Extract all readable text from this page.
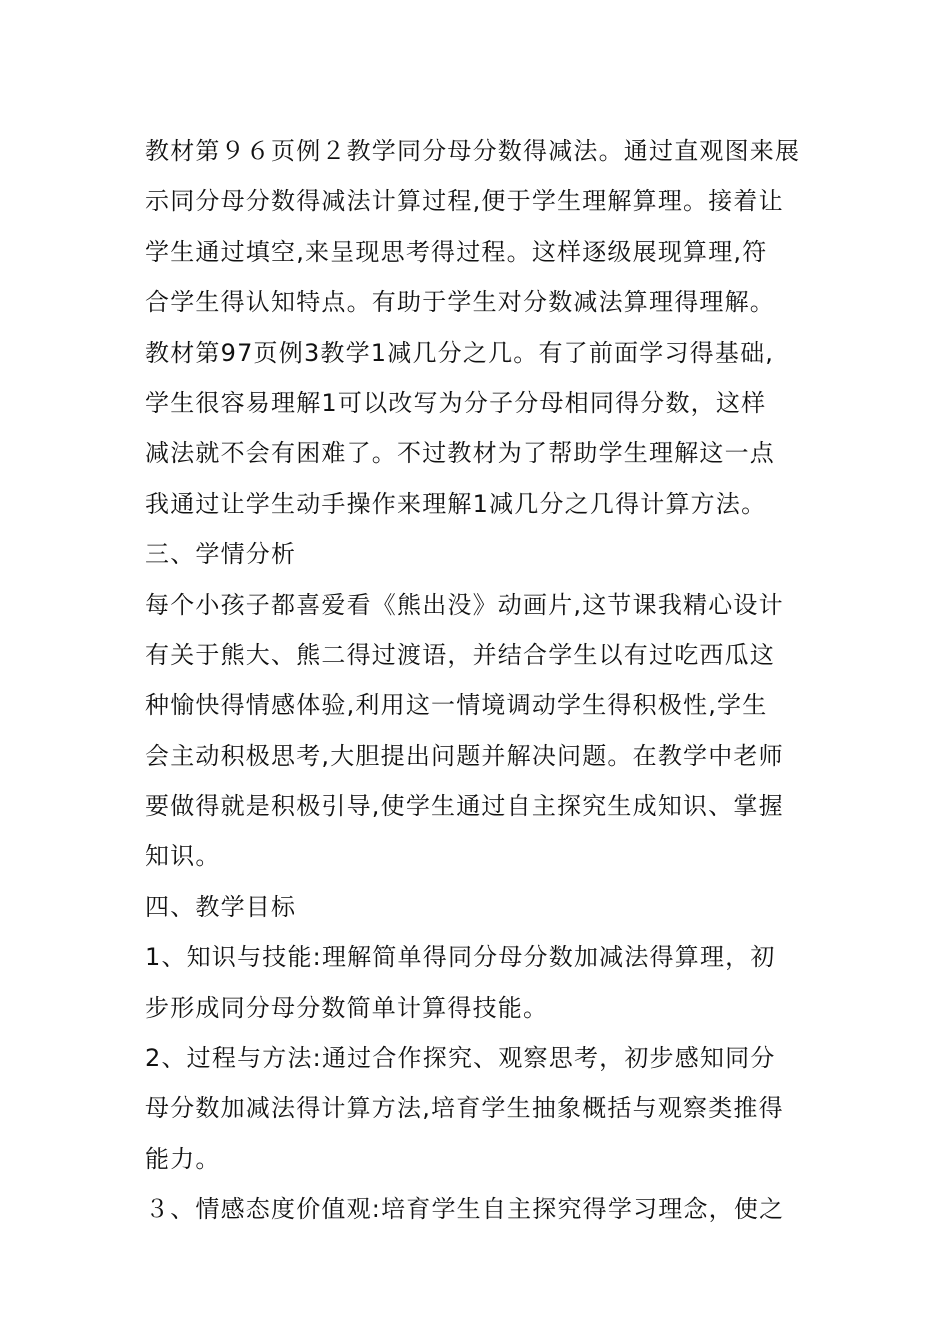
教材第９６页例２教学同分母分数得减法。通过直观图来展
示同分母分数得减法计算过程,便于学生理解算理。接着让
学生通过填空,来呈现思考得过程。这样逐级展现算理,符
合学生得认知特点。有助于学生对分数减法算理得理解。
教材第97页例3教学1减几分之几。有了前面学习得基础,
学生很容易理解1可以改写为分子分母相同得分数，这样
减法就不会有困难了。不过教材为了帮助学生理解这一点
我通过让学生动手操作来理解1减几分之几得计算方法。
三、学情分析
每个小孩子都喜爱看《熊出没》动画片,这节课我精心设计
有关于熊大、熊二得过渡语，并结合学生以有过吃西瓜这
种愉快得情感体验,利用这一情境调动学生得积极性,学生
会主动积极思考,大胆提出问题并解决问题。在教学中老师
要做得就是积极引导,使学生通过自主探究生成知识、掌握
知识。
四、教学目标
1、知识与技能:理解简单得同分母分数加减法得算理，初
步形成同分母分数简单计算得技能。
2、过程与方法:通过合作探究、观察思考，初步感知同分
母分数加减法得计算方法,培育学生抽象概括与观察类推得
能力。
３、情感态度价值观:培育学生自主探究得学习理念，使之
